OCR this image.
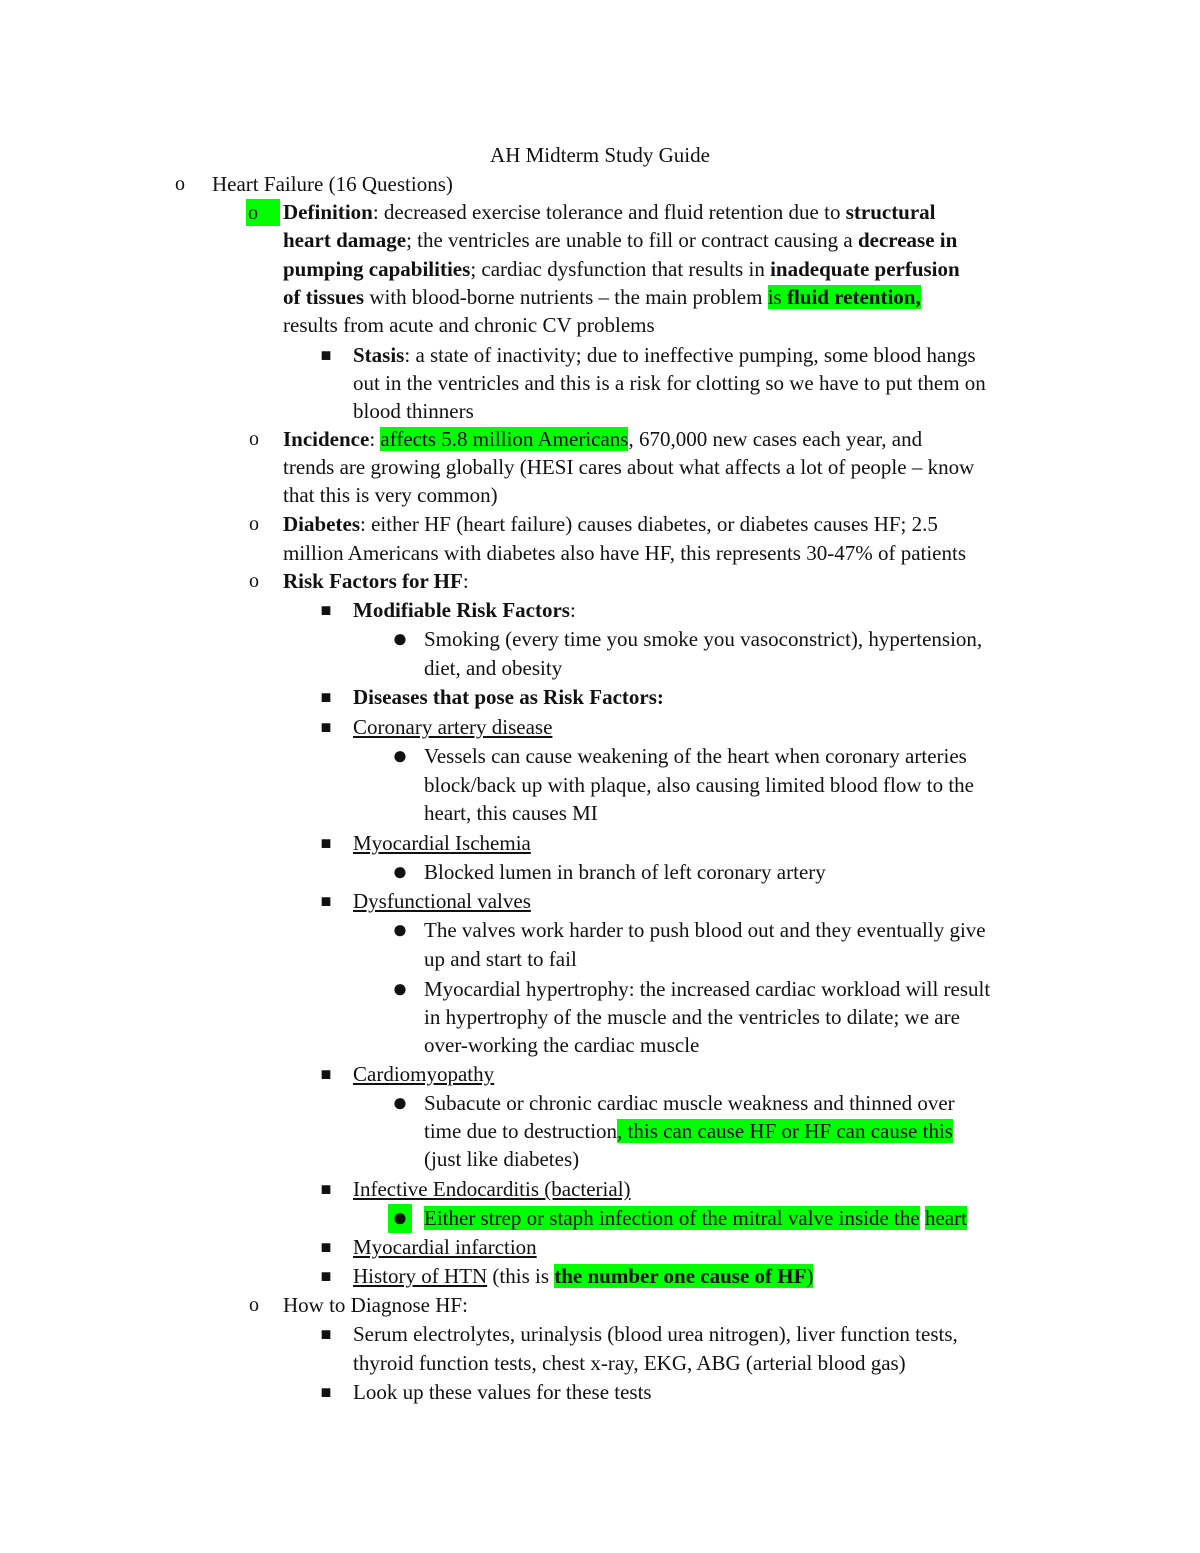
AH Midterm Study Guide
o Heart Failure (16 Questions)
o	Definition: decreased exercise tolerance and fluid retention due to structural
heart damage; the ventricles are unable to fill or contract causing a decrease in
pumping capabilities; cardiac dysfunction that results in inadequate perfusion
of tissues with blood-borne nutrients – the main problem is fluid retention,
results from acute and chronic CV problems
■ Stasis: a state of inactivity; due to ineffective pumping, some blood hangs
out in the ventricles and this is a risk for clotting so we have to put them on
blood thinners
o Incidence: affects 5.8 million Americans, 670,000 new cases each year, and
trends are growing globally (HESI cares about what affects a lot of people – know
that this is very common)
o Diabetes: either HF (heart failure) causes diabetes, or diabetes causes HF; 2.5
million Americans with diabetes also have HF, this represents 30-47% of patients
o Risk Factors for HF:
■ Modifiable Risk Factors:
● Smoking (every time you smoke you vasoconstrict), hypertension,
diet, and obesity
■ Diseases that pose as Risk Factors:
■ Coronary artery disease
● Vessels can cause weakening of the heart when coronary arteries
block/back up with plaque, also causing limited blood flow to the
heart, this causes MI
■ Myocardial Ischemia
● Blocked lumen in branch of left coronary artery
■ Dysfunctional valves
● The valves work harder to push blood out and they eventually give
up and start to fail
● Myocardial hypertrophy: the increased cardiac workload will result
in hypertrophy of the muscle and the ventricles to dilate; we are
over-working the cardiac muscle
■ Cardiomyopathy
● Subacute or chronic cardiac muscle weakness and thinned over
time due to destruction, this can cause HF or HF can cause this
(just like diabetes)
■ Infective Endocarditis (bacterial)
● Either strep or staph infection of the mitral valve inside the heart
■ Myocardial infarction
■ History of HTN (this is the number one cause of HF)
o How to Diagnose HF:
■ Serum electrolytes, urinalysis (blood urea nitrogen), liver function tests,
thyroid function tests, chest x-ray, EKG, ABG (arterial blood gas)
■ Look up these values for these tests
